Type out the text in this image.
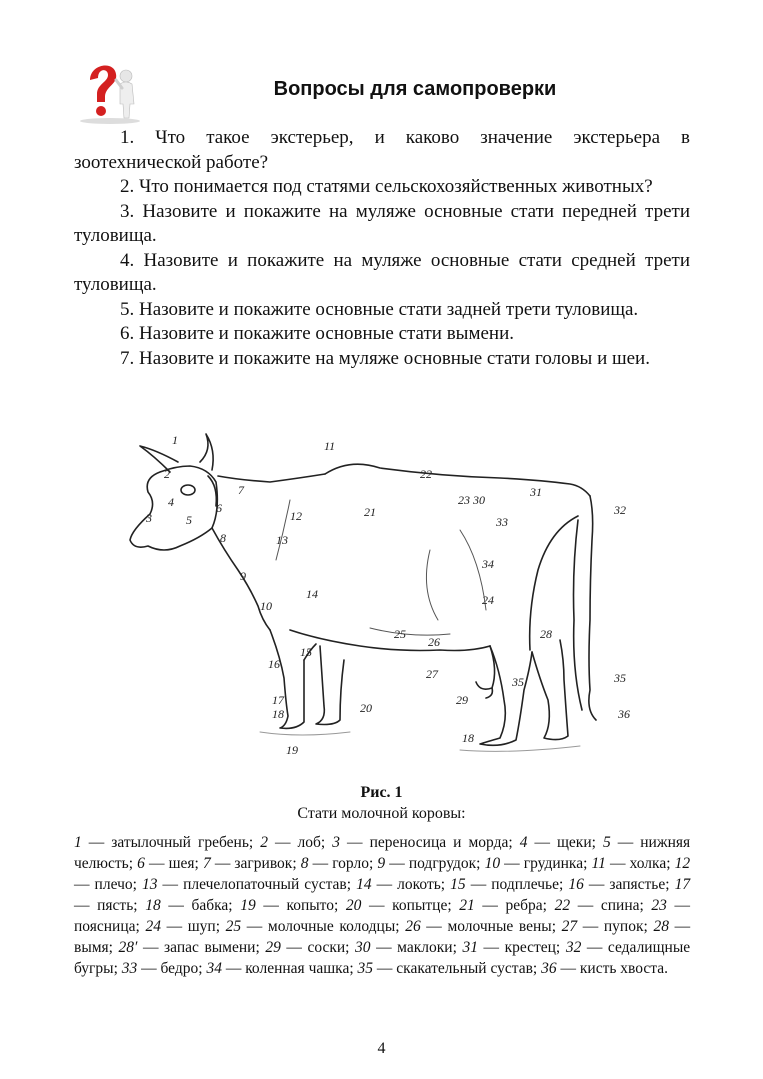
Вопросы для самопроверки

1. Что такое экстерьер, и каково значение экстерьера в зоотехнической работе?

2. Что понимается под статями сельскохозяйственных животных?

3. Назовите и покажите на муляже основные стати передней трети туловища.

4. Назовите и покажите на муляже основные стати средней трети туловища.

5. Назовите и покажите основные стати задней трети туловища.

6. Назовите и покажите основные стати вымени.

7. Назовите и покажите на муляже основные стати головы и шеи.

1
2
3
4
5
6
7
8
9
10
11
12
13
14
15
16
17
18
19
20
21
22
23 30
24
25
26
27
28
29
31
32
33
34
35	35
36
18
Рис. 1
Стати молочной коровы:
1 — затылочный гребень; 2 — лоб; 3 — переносица и морда; 4 — щеки; 5 — нижняя челюсть; 6 — шея; 7 — загривок; 8 — горло; 9 — подгрудок; 10 — грудинка; 11 — холка; 12 — плечо; 13 — плечелопаточный сустав; 14 — локоть; 15 — подплечье; 16 — запястье; 17 — пясть; 18 — бабка; 19 — копыто; 20 — копытце; 21 — ребра; 22 — спина; 23 — поясница; 24 — шуп; 25 — молочные колодцы; 26 — молочные вены; 27 — пупок; 28 — вымя; 28′ — запас вымени; 29 — соски; 30 — маклоки; 31 — крестец; 32 — седалищные бугры; 33 — бедро; 34 — коленная чашка; 35 — скакательный сустав; 36 — кисть хвоста.
4
